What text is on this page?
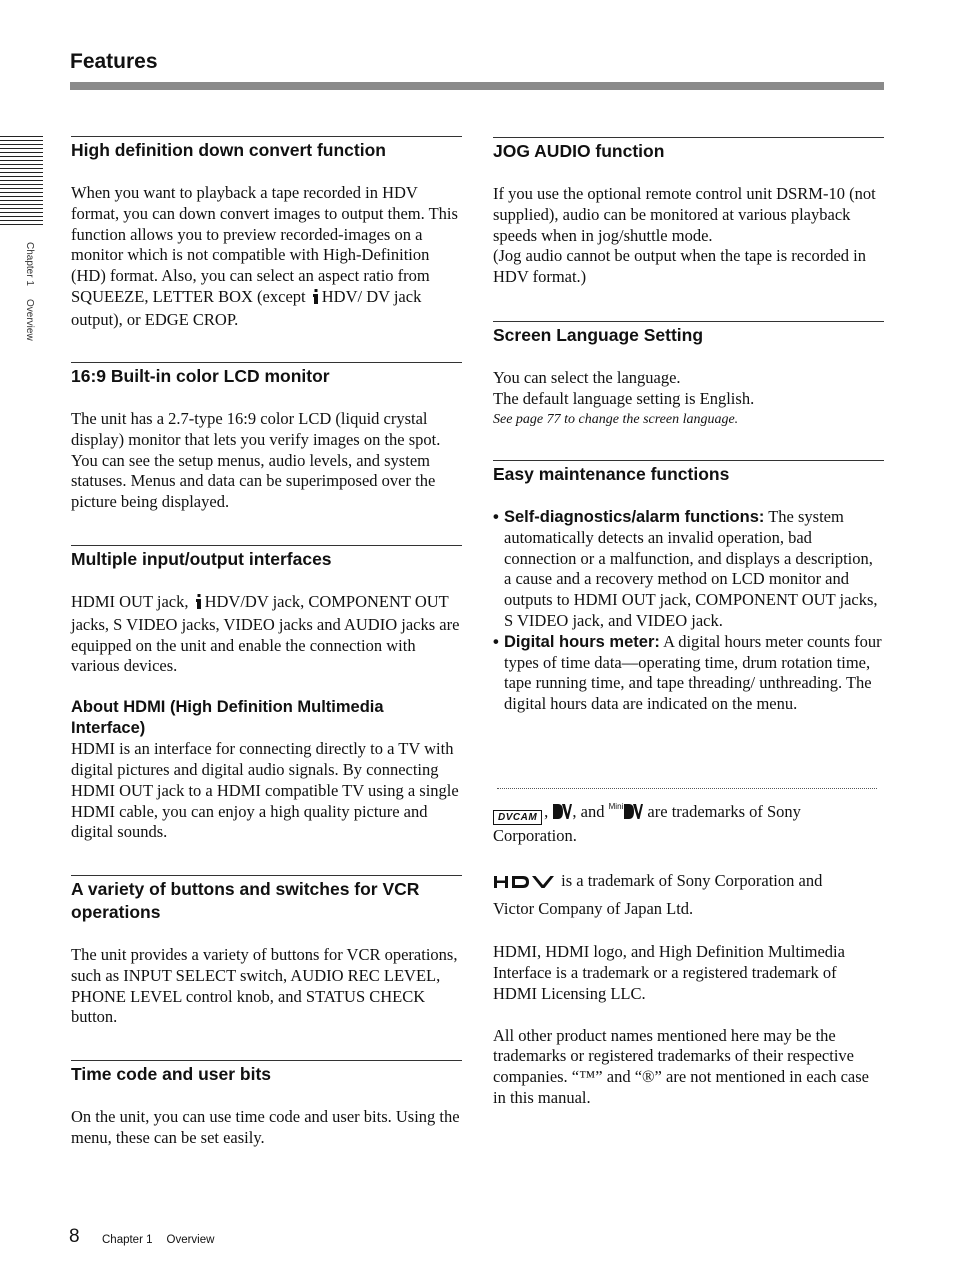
Features
Chapter 1 Overview
High definition down convert function

When you want to playback a tape recorded in HDV format, you can down convert images to output them. This function allows you to preview recorded-images on a monitor which is not compatible with High-Definition (HD) format. Also, you can select an aspect ratio from SQUEEZE, LETTER BOX (except HDV/ DV jack output), or EDGE CROP.

16:9 Built-in color LCD monitor

The unit has a 2.7-type 16:9 color LCD (liquid crystal display) monitor that lets you verify images on the spot. You can see the setup menus, audio levels, and system statuses. Menus and data can be superimposed over the picture being displayed.

Multiple input/output interfaces

HDMI OUT jack, HDV/DV jack, COMPONENT OUT jacks, S VIDEO jacks, VIDEO jacks and AUDIO jacks are equipped on the unit and enable the connection with various devices.

About HDMI (High Definition Multimedia Interface)

HDMI is an interface for connecting directly to a TV with digital pictures and digital audio signals. By connecting HDMI OUT jack to a HDMI compatible TV using a single HDMI cable, you can enjoy a high quality picture and digital sounds.

A variety of buttons and switches for VCR operations

The unit provides a variety of buttons for VCR operations, such as INPUT SELECT switch, AUDIO REC LEVEL, PHONE LEVEL control knob, and STATUS CHECK button.

Time code and user bits

On the unit, you can use time code and user bits. Using the menu, these can be set easily.

JOG AUDIO function

If you use the optional remote control unit DSRM-10 (not supplied), audio can be monitored at various playback speeds when in jog/shuttle mode.

(Jog audio cannot be output when the tape is recorded in HDV format.)

Screen Language Setting

You can select the language.

The default language setting is English.

See page 77 to change the screen language.
Easy maintenance functions
• Self-diagnostics/alarm functions: The system automatically detects an invalid operation, bad connection or a malfunction, and displays a description, a cause and a recovery method on LCD monitor and outputs to HDMI OUT jack, COMPONENT OUT jacks, S VIDEO jack, and VIDEO jack.
• Digital hours meter: A digital hours meter counts four types of time data—operating time, drum rotation time, tape running time, and tape threading/ unthreading. The digital hours data are indicated on the menu.

DVCAM , , and $^{Mini}$ are trademarks of Sony Corporation.

is a trademark of Sony Corporation and

Victor Company of Japan Ltd.

HDMI, HDMI logo, and High Definition Multimedia Interface is a trademark or a registered trademark of HDMI Licensing LLC.

All other product names mentioned here may be the trademarks or registered trademarks of their respective companies. “™” and “®” are not mentioned in each case in this manual.

8 Chapter 1 Overview
